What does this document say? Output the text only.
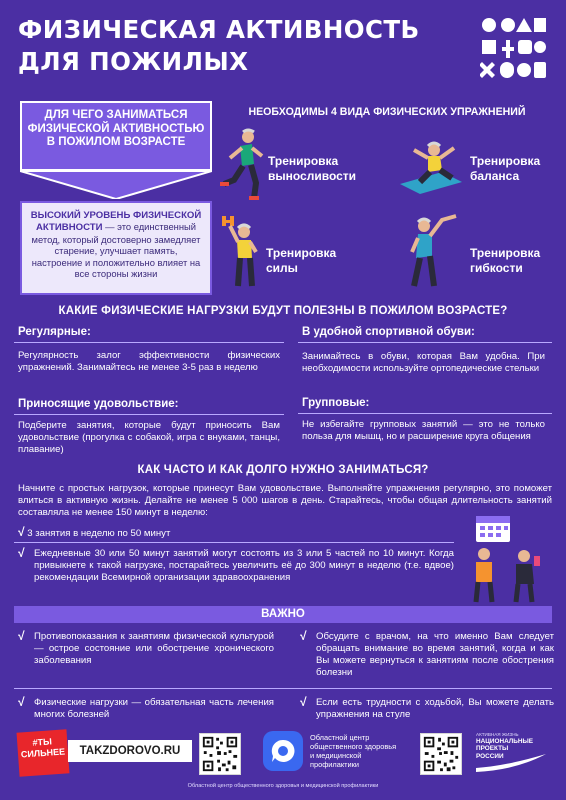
ФИЗИЧЕСКАЯ АКТИВНОСТЬ
ДЛЯ ПОЖИЛЫХ
ДЛЯ ЧЕГО ЗАНИМАТЬСЯ ФИЗИЧЕСКОЙ АКТИВНОСТЬЮ В ПОЖИЛОМ ВОЗРАСТЕ
ВЫСОКИЙ УРОВЕНЬ ФИЗИЧЕСКОЙ АКТИВНОСТИ — это единственный метод, который достоверно замедляет старение, улучшает память, настроение и положительно влияет на все стороны жизни
НЕОБХОДИМЫ 4 ВИДА ФИЗИЧЕСКИХ УПРАЖНЕНИЙ
Тренировка
выносливости
Тренировка
баланса
Тренировка
силы
Тренировка
гибкости
КАКИЕ ФИЗИЧЕСКИЕ НАГРУЗКИ БУДУТ ПОЛЕЗНЫ В ПОЖИЛОМ ВОЗРАСТЕ?
Регулярные:
Регулярность залог эффективности физических упражнений. Занимайтесь не менее 3-5 раз в неделю
В удобной спортивной обуви:
Занимайтесь в обуви, которая Вам удобна. При необходимости используйте ортопедические стельки
Приносящие удовольствие:
Подберите занятия, которые будут приносить Вам удовольствие (прогулка с собакой, игра с внуками, танцы, плавание)
Групповые:
Не избегайте групповых занятий — это не только польза для мышц, но и расширение круга общения
КАК ЧАСТО И КАК ДОЛГО НУЖНО ЗАНИМАТЬСЯ?
Начните с простых нагрузок, которые принесут Вам удовольствие. Выполняйте упражнения регулярно, это поможет влиться в активную жизнь. Делайте не менее 5 000 шагов в день. Старайтесь, чтобы общая длительность занятий составляла не менее 150 минут в неделю:
√ 3 занятия в неделю по 50 минут
√ Ежедневные 30 или 50 минут занятий могут состоять из 3 или 5 частей по 10 минут. Когда привыкнете к такой нагрузке, постарайтесь увеличить её до 300 минут в неделю (т.е. вдвое) рекомендации Всемирной организации здравоохранения
ВАЖНО
√ Противопоказания к занятиям физической культурой — острое состояние или обострение хронического заболевания
√ Обсудите с врачом, на что именно Вам следует обращать внимание во время занятий, когда и как Вы можете вернуться к занятиям после обострения болезни
√ Физические нагрузки — обязательная часть лечения многих болезней
√ Если есть трудности с ходьбой, Вы можете делать упражнения на стуле
#ТЫ СИЛЬНЕЕ	TAKZDOROVO.RU
Областной центр общественного здоровья и медицинской профилактики
АКТИВНАЯ ЖИЗНЬ
НАЦИОНАЛЬНЫЕ ПРОЕКТЫ РОССИИ
Областной центр общественного здоровья и медицинской профилактики
